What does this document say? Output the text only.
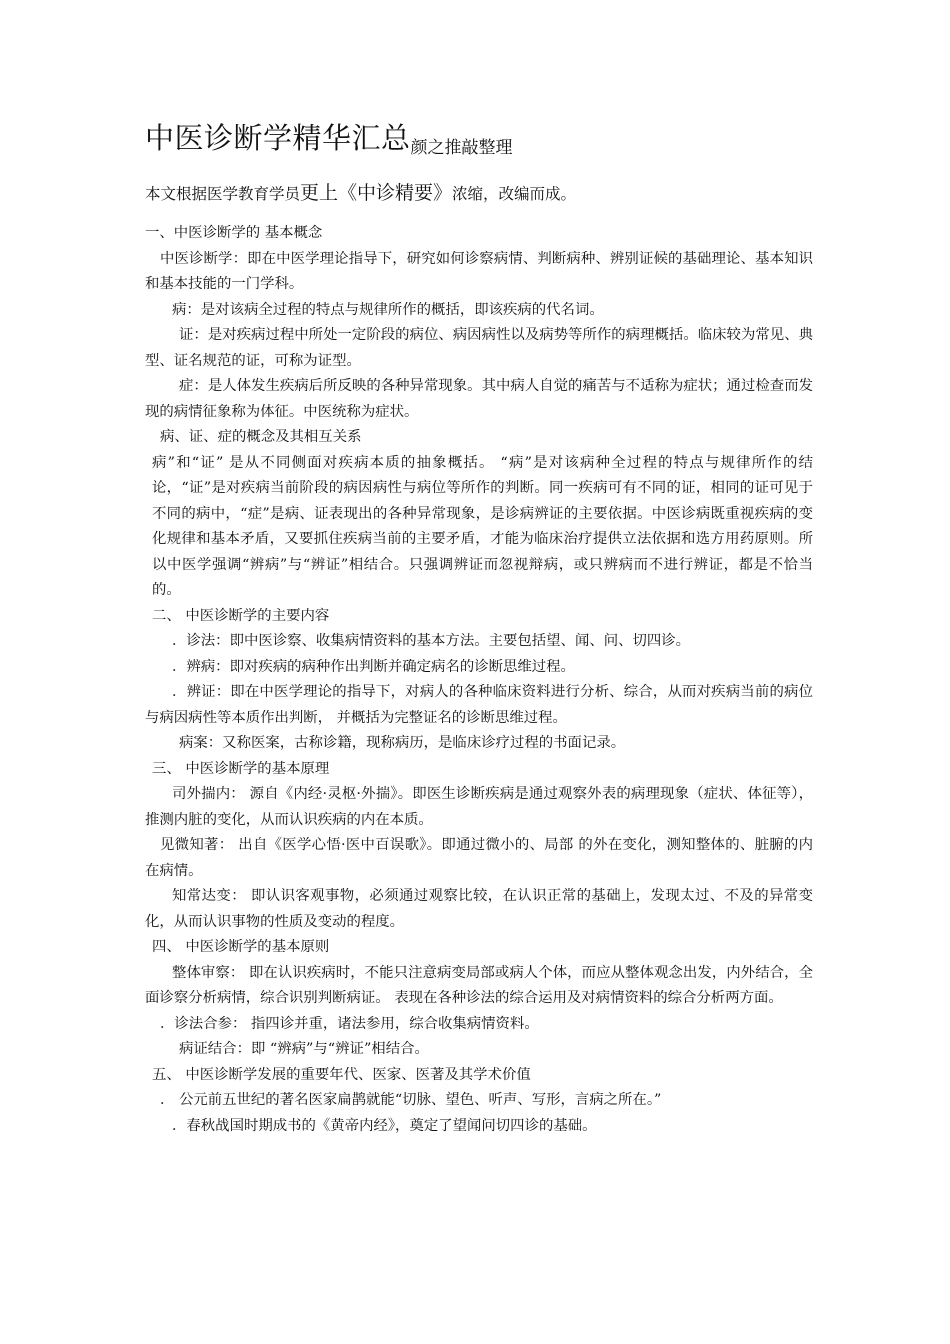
中医诊断学精华汇总颜之推敲整理
本文根据医学教育学员更上《中诊精要》浓缩，改编而成。

一、中医诊断学的 基本概念

中医诊断学：即在中医学理论指导下，研究如何诊察病情、判断病种、辨别证候的基础理论、基本知识和基本技能的一门学科。

病：是对该病全过程的特点与规律所作的概括，即该疾病的代名词。

证：是对疾病过程中所处一定阶段的病位、病因病性以及病势等所作的病理概括。临床较为常见、典型、证名规范的证，可称为证型。

症：是人体发生疾病后所反映的各种异常现象。其中病人自觉的痛苦与不适称为症状；通过检查而发现的病情征象称为体征。中医统称为症状。

病、证、症的概念及其相互关系

病”和“证” 是从不同侧面对疾病本质的抽象概括。 “病”是对该病种全过程的特点与规律所作的结论，“证”是对疾病当前阶段的病因病性与病位等所作的判断。同一疾病可有不同的证，相同的证可见于不同的病中，“症”是病、证表现出的各种异常现象，是诊病辨证的主要依据。中医诊病既重视疾病的变化规律和基本矛盾，又要抓住疾病当前的主要矛盾，才能为临床治疗提供立法依据和选方用药原则。所以中医学强调“辨病”与“辨证”相结合。只强调辨证而忽视辩病，或只辨病而不进行辨证，都是不恰当的。

二、 中医诊断学的主要内容

．诊法：即中医诊察、收集病情资料的基本方法。主要包括望、闻、问、切四诊。

．辨病：即对疾病的病种作出判断并确定病名的诊断思维过程。

．辨证：即在中医学理论的指导下，对病人的各种临床资料进行分析、综合，从而对疾病当前的病位与病因病性等本质作出判断， 并概括为完整证名的诊断思维过程。

病案：又称医案，古称诊籍，现称病历，是临床诊疗过程的书面记录。

三、 中医诊断学的基本原理

司外揣内： 源自《内经·灵枢·外揣》。即医生诊断疾病是通过观察外表的病理现象（症状、体征等），推测内脏的变化，从而认识疾病的内在本质。

见微知著： 出自《医学心悟·医中百误歌》。即通过微小的、局部 的外在变化，测知整体的、脏腑的内在病情。

知常达变： 即认识客观事物，必须通过观察比较，在认识正常的基础上，发现太过、不及的异常变化，从而认识事物的性质及变动的程度。

四、 中医诊断学的基本原则

整体审察： 即在认识疾病时，不能只注意病变局部或病人个体，而应从整体观念出发，内外结合，全面诊察分析病情，综合识别判断病证。 表现在各种诊法的综合运用及对病情资料的综合分析两方面。

．诊法合参： 指四诊并重，诸法参用，综合收集病情资料。

病证结合：即 “辨病”与“辨证”相结合。

五、 中医诊断学发展的重要年代、医家、医著及其学术价值

． 公元前五世纪的著名医家扁鹊就能“切脉、望色、听声、写形，言病之所在。”

．春秋战国时期成书的《黄帝内经》，奠定了望闻问切四诊的基础。
